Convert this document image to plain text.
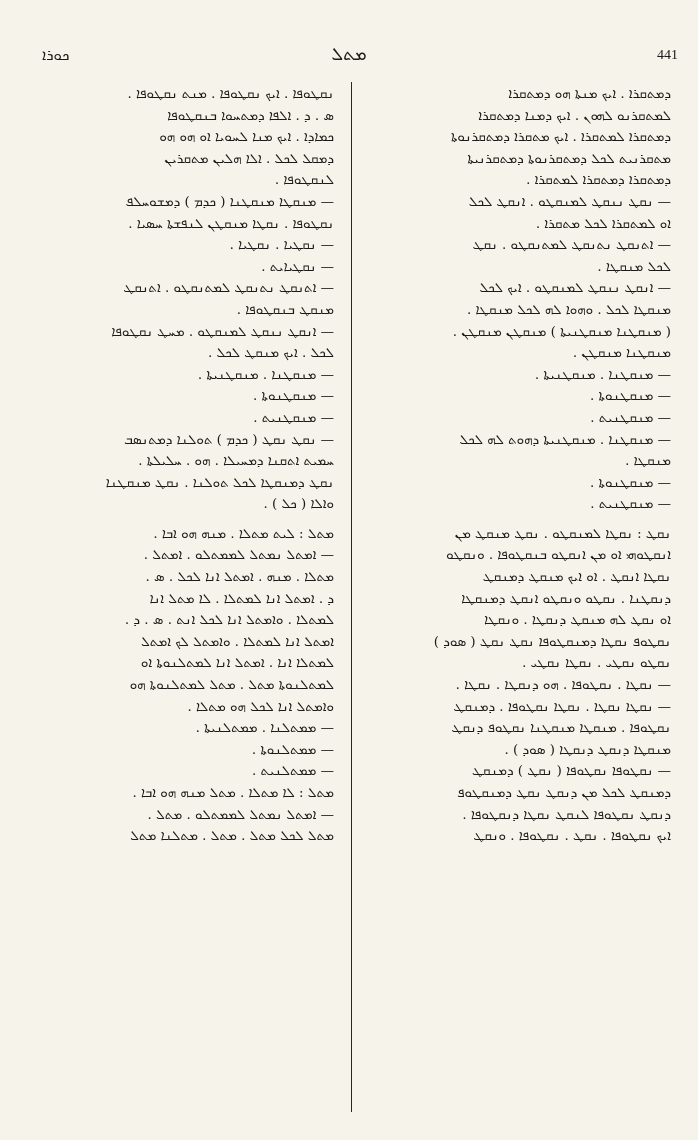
ܟܘܪܐ	ܡܬܠ	441
ܢܩܛܘܦܐ . ܐܝܟ ܢܩܛܘܦܐ . ܡܢܬ ܢܩܛܘܦܐ .
ܣ . ܕ . ܐܠܦܐ ܕܡܬܚܘܐ ܒܢܩܛܘܦܐ
ܟܡܐܕܐ . ܐܝܟ ܡܢܐ ܠܚܘܝܐ ܐܘ ܗܘ ܗܘ
ܕܡܩܠ ܠܟܠ . ܐܠܐ ܗܠܝܢ ܡܬܩܪܝܢ
ܠܢܩܛܘܦܐ .
— ܡܢܩܛܐ ܡܢܩܛܢܐ ( ܟܕܡ ) ܕܡܫܘܚܠܦ
ܢܩܛܘܦܐ . ܢܩܛܐ ܡܢܩܛܢ ܠܢܦܫܬܐ ܚܣܝܐ .
— ܢܩܛܝܐ . ܢܩܛܝܐ .
— ܢܩܛܝܐܝܬ .
— ܐܬܢܩܛ ܢܬܢܩܛ ܠܡܬܢܩܛܘ . ܐܬܢܩܛ
ܡܢܩܛ ܒܢܩܛܘܦܐ .
— ܐܢܩܛ ܢܢܩܛ ܠܡܢܩܛܘ . ܡܚܛ ܢܩܛܘܦܐ
ܠܟܠ . ܐܝܟ ܡܢܩܛ ܠܟܠ .
— ܡܢܩܛܢܐ . ܡܢܩܛܢܝܬܐ .
— ܡܢܩܛܢܘܬܐ .
— ܡܢܩܛܢܝܬ .
— ܢܩܛ ܢܩܛ ( ܟܕܡ ) ܬܘܠܢܐ ܕܡܬܢܣܒ
ܚܡܝܬ ܐܬܩܢܐ ܕܡܚܝܠܐ . ܗܘ . ܚܠܝܠܬܐ .
ܢܩܛ ܕܡܢܩܛܐ ܠܟܠ ܬܘܠܢܐ . ܢܩܛ ܡܢܩܛܢܐ
ܘܐܠܐ ( ܟܠ ) .
ܡܬܠ : ܠܝܬ ܡܬܠܐ . ܡܢܗ ܗܘ ܐܒܐ .
— ܐܡܬܠ ܢܡܬܠ ܠܡܡܬܠܘ . ܐܡܬܠ .
ܡܬܠܐ . ܡܢܗ . ܐܡܬܠ ܐܢܐ ܠܟܠ . ܣ .
ܕ . ܐܡܬܠ ܐܢܐ ܠܡܬܠܐ . ܠܐ ܡܬܠ ܐܢܐ
ܠܡܬܠܐ . ܘܐܡܬܠ ܐܢܐ ܠܟܠ ܐܢܬ . ܣ . ܕ .
ܐܡܬܠ ܐܢܐ ܠܡܬܠܐ . ܘܐܡܬܠ ܠܟ ܐܡܬܠ
ܠܡܬܠܐ ܐܢܐ . ܐܡܬܠ ܐܢܐ ܠܡܬܠܢܘܬܐ ܐܘ
ܠܡܬܠܢܘܬܐ ܡܬܠ . ܡܬܠ ܠܡܬܠܢܘܬܐ ܗܘ
ܘܐܡܬܠ ܐܢܐ ܠܟܠ ܗܘ ܡܬܠܐ .
— ܡܡܬܠܢܐ . ܡܡܬܠܢܝܬܐ .
— ܡܡܬܠܢܘܬܐ .
— ܡܡܬܠܢܝܬ .
ܡܬܠ : ܠܐ ܡܬܠܐ . ܡܬܠ ܡܢܗ ܗܘ ܐܒܐ .
— ܐܡܬܠ ܢܡܬܠ ܠܡܡܬܠܘ . ܡܬܠ .
ܡܬܠ ܠܟܠ ܡܬܠ . ܡܬܠ . ܡܬܠܢܐ ܡܬܠ
ܕܡܬܩܪܐ . ܐܝܟ ܡܢܬܐ ܗܘ ܕܡܬܩܪܐ
ܠܡܬܩܪܢܘ ܠܗܘܢ . ܐܝܟ ܕܡܢܐ ܕܡܬܩܪܐ
ܕܡܬܩܪܐ ܠܡܬܩܪܐ . ܐܝܟ ܡܬܩܪܐ ܕܡܬܩܪܢܘܬܐ
ܡܬܩܪܢܝܬ ܠܟܠ ܕܡܬܩܪܢܘܬܐ ܕܡܬܩܪܢܝܬܐ
ܕܡܬܩܪܐ ܕܡܬܩܪܐ ܠܡܬܩܪܐ .
— ܢܩܛ ܢܢܩܛ ܠܡܢܩܛܘ . ܐܢܩܛ ܠܟܠ
ܐܘ ܠܡܬܩܪܐ ܠܟܠ ܡܬܩܪܐ .
— ܐܬܢܩܛ ܢܬܢܩܛ ܠܡܬܢܩܛܘ . ܢܩܛ
ܠܟܠ ܡܢܩܛܐ .
— ܐܢܩܛ ܢܢܩܛ ܠܡܢܩܛܘ . ܐܝܟ ܠܟܠ
ܡܢܩܛܐ ܠܟܠ . ܘܗܘܐ ܠܗ ܠܟܠ ܡܢܩܛܐ .
( ܡܢܩܛܢܐ ܡܢܩܛܢܝܬܐ ) ܡܢܩܛܢ ܡܢܩܛܢ .
ܡܢܩܛܢܐ ܡܢܩܛܢ .
— ܡܢܩܛܢܐ . ܡܢܩܛܢܝܬܐ .
— ܡܢܩܛܢܘܬܐ .
— ܡܢܩܛܢܝܬ .
— ܡܢܩܛܢܐ . ܡܢܩܛܢܝܬܐ ܕܗܘܬ ܠܗ ܠܟܠ
ܡܢܩܛܐ .
— ܡܢܩܛܢܘܬܐ .
— ܡܢܩܛܢܝܬ .
ܢܩܛ : ܢܩܛܐ ܠܡܢܩܛܘ . ܢܩܛ ܡܢܩܛ ܡܢ
ܐܢܩܛܘܗܝ ܐܘ ܡܢ ܐܢܩܛܘ ܒܢܩܛܘܦܐ . ܘܢܩܛܘ
ܢܩܛܐ ܐܢܩܛ . ܐܘ ܐܝܟ ܡܢܩܛ ܕܡܢܩܛ
ܕܢܩܛܢܐ . ܢܩܛܘ ܘܢܩܛܘ ܐܢܩܛ ܕܡܢܩܛܐ
ܐܘ ܢܩܛ ܠܗ ܡܢܩܛ ܕܢܩܛܐ . ܘܢܩܛܐ
ܢܩܛܘܦ ܢܩܛܐ ܕܡܢܩܛܘܦܐ ܢܩܛ ܢܩܛ ( ܣܘܕ )
ܢܩܛܘ ܢܩܛܝ . ܢܩܛܐ ܢܩܛܝ .
— ܢܩܛܐ . ܢܩܛܘܦܐ . ܗܘ ܕܢܩܛܐ . ܢܩܛܐ .
— ܢܩܛܐ ܢܩܛܐ . ܢܩܛܐ ܢܩܛܘܦܐ . ܕܡܢܩܛ
ܢܩܛܘܦܐ . ܡܢܩܛܐ ܡܢܩܛܢܐ ܢܩܛܘܦ ܕܢܩܛ
ܡܢܩܛܐ ܕܢܩܛ ܕܢܩܛܐ ( ܣܘܕ ) .
— ܢܩܛܘܦܐ ܢܩܛܘܦܐ ( ܢܩܛ ) ܕܡܢܩܛ
ܕܡܢܩܛ ܠܟܠ ܡܢ ܕܢܩܛ ܢܩܛ ܕܡܢܩܛܘܦ
ܕܢܩܛ ܢܩܛܘܦܐ ܠܢܩܛ ܢܩܛܐ ܕܢܩܛܘܦܐ .
ܐܝܟ ܢܩܛܘܦܐ . ܢܩܛ . ܢܩܛܘܦܐ . ܘܢܩܛ
